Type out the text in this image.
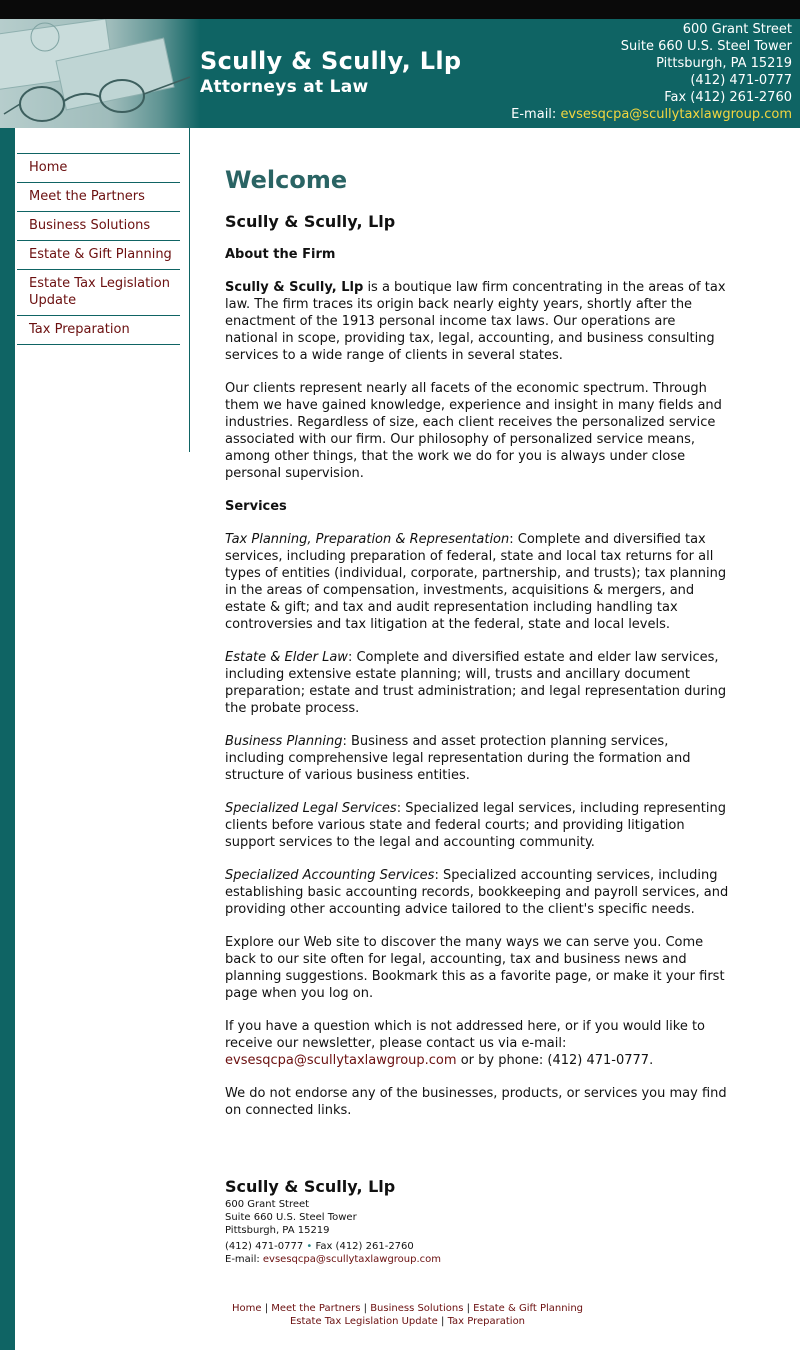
Scully & Scully, Llp
Attorneys at Law
600 Grant Street
Suite 660 U.S. Steel Tower
Pittsburgh, PA 15219
(412) 471-0777
Fax (412) 261-2760
E-mail: evsesqcpa@scullytaxlawgroup.com
Home
Meet the Partners
Business Solutions
Estate & Gift Planning
Estate Tax Legislation Update
Tax Preparation
Welcome
Scully & Scully, Llp

About the Firm

Scully & Scully, Llp is a boutique law firm concentrating in the areas of tax law. The firm traces its origin back nearly eighty years, shortly after the enactment of the 1913 personal income tax laws. Our operations are national in scope, providing tax, legal, accounting, and business consulting services to a wide range of clients in several states.

Our clients represent nearly all facets of the economic spectrum. Through them we have gained knowledge, experience and insight in many fields and industries. Regardless of size, each client receives the personalized service associated with our firm. Our philosophy of personalized service means, among other things, that the work we do for you is always under close personal supervision.

Services

Tax Planning, Preparation & Representation: Complete and diversified tax services, including preparation of federal, state and local tax returns for all types of entities (individual, corporate, partnership, and trusts); tax planning in the areas of compensation, investments, acquisitions & mergers, and estate & gift; and tax and audit representation including handling tax controversies and tax litigation at the federal, state and local levels.

Estate & Elder Law: Complete and diversified estate and elder law services, including extensive estate planning; will, trusts and ancillary document preparation; estate and trust administration; and legal representation during the probate process.

Business Planning: Business and asset protection planning services, including comprehensive legal representation during the formation and structure of various business entities.

Specialized Legal Services: Specialized legal services, including representing clients before various state and federal courts; and providing litigation support services to the legal and accounting community.

Specialized Accounting Services: Specialized accounting services, including establishing basic accounting records, bookkeeping and payroll services, and providing other accounting advice tailored to the client's specific needs.

Explore our Web site to discover the many ways we can serve you. Come back to our site often for legal, accounting, tax and business news and planning suggestions. Bookmark this as a favorite page, or make it your first page when you log on.

If you have a question which is not addressed here, or if you would like to receive our newsletter, please contact us via e-mail: evsesqcpa@scullytaxlawgroup.com or by phone: (412) 471-0777.

We do not endorse any of the businesses, products, or services you may find on connected links.

Scully & Scully, Llp
600 Grant Street
Suite 660 U.S. Steel Tower
Pittsburgh, PA 15219
(412) 471-0777 • Fax (412) 261-2760
E-mail: evsesqcpa@scullytaxlawgroup.com
Home | Meet the Partners | Business Solutions | Estate & Gift Planning
Estate Tax Legislation Update | Tax Preparation
